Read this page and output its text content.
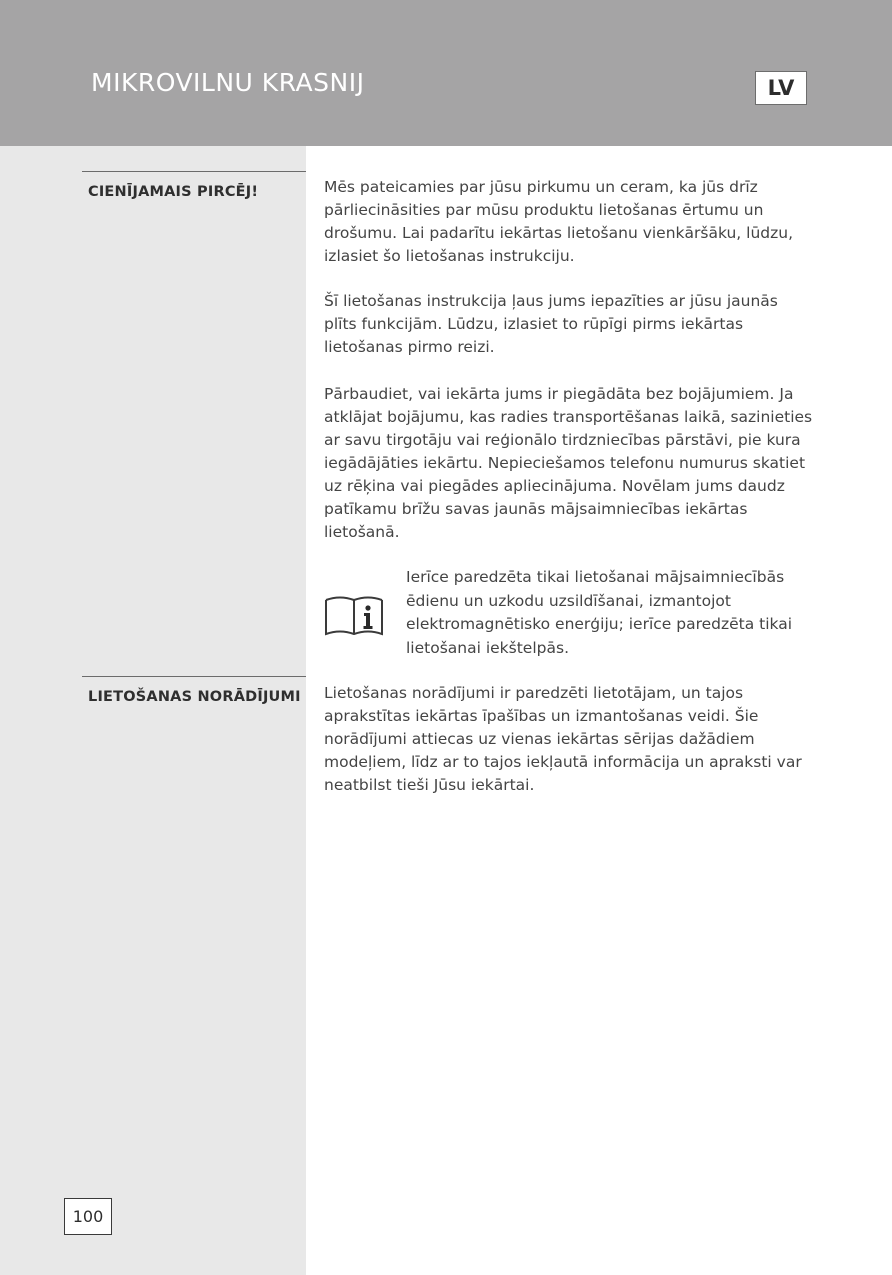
MIKROVILNU KRASNIJ	LV
CIENĪJAMAIS PIRCĒJ!	Mēs pateicamies par jūsu pirkumu un ceram, ka jūs drīz pārliecināsities par mūsu produktu lietošanas ērtumu un drošumu. Lai padarītu iekārtas lietošanu vienkāršāku, lūdzu, izlasiet šo lietošanas instrukciju.

Šī lietošanas instrukcija ļaus jums iepazīties ar jūsu jaunās plīts funkcijām. Lūdzu, izlasiet to rūpīgi pirms iekārtas lietošanas pirmo reizi.

Pārbaudiet, vai iekārta jums ir piegādāta bez bojājumiem. Ja atklājat bojājumu, kas radies transportēšanas laikā, sazinieties ar savu tirgotāju vai reģionālo tirdzniecības pārstāvi, pie kura iegādājāties iekārtu. Nepieciešamos telefonu numurus skatiet uz rēķina vai piegādes apliecinājuma. Novēlam jums daudz patīkamu brīžu savas jaunās mājsaimniecības iekārtas lietošanā.

Ierīce paredzēta tikai lietošanai mājsaimniecībās ēdienu un uzkodu uzsildīšanai, izmantojot elektromagnētisko enerģiju; ierīce paredzēta tikai lietošanai iekštelpās.

LIETOŠANAS NORĀDĪJUMI	Lietošanas norādījumi ir paredzēti lietotājam, un tajos aprakstītas iekārtas īpašības un izmantošanas veidi. Šie norādījumi attiecas uz vienas iekārtas sērijas dažādiem modeļiem, līdz ar to tajos iekļautā informācija un apraksti var neatbilst tieši Jūsu iekārtai.

100
